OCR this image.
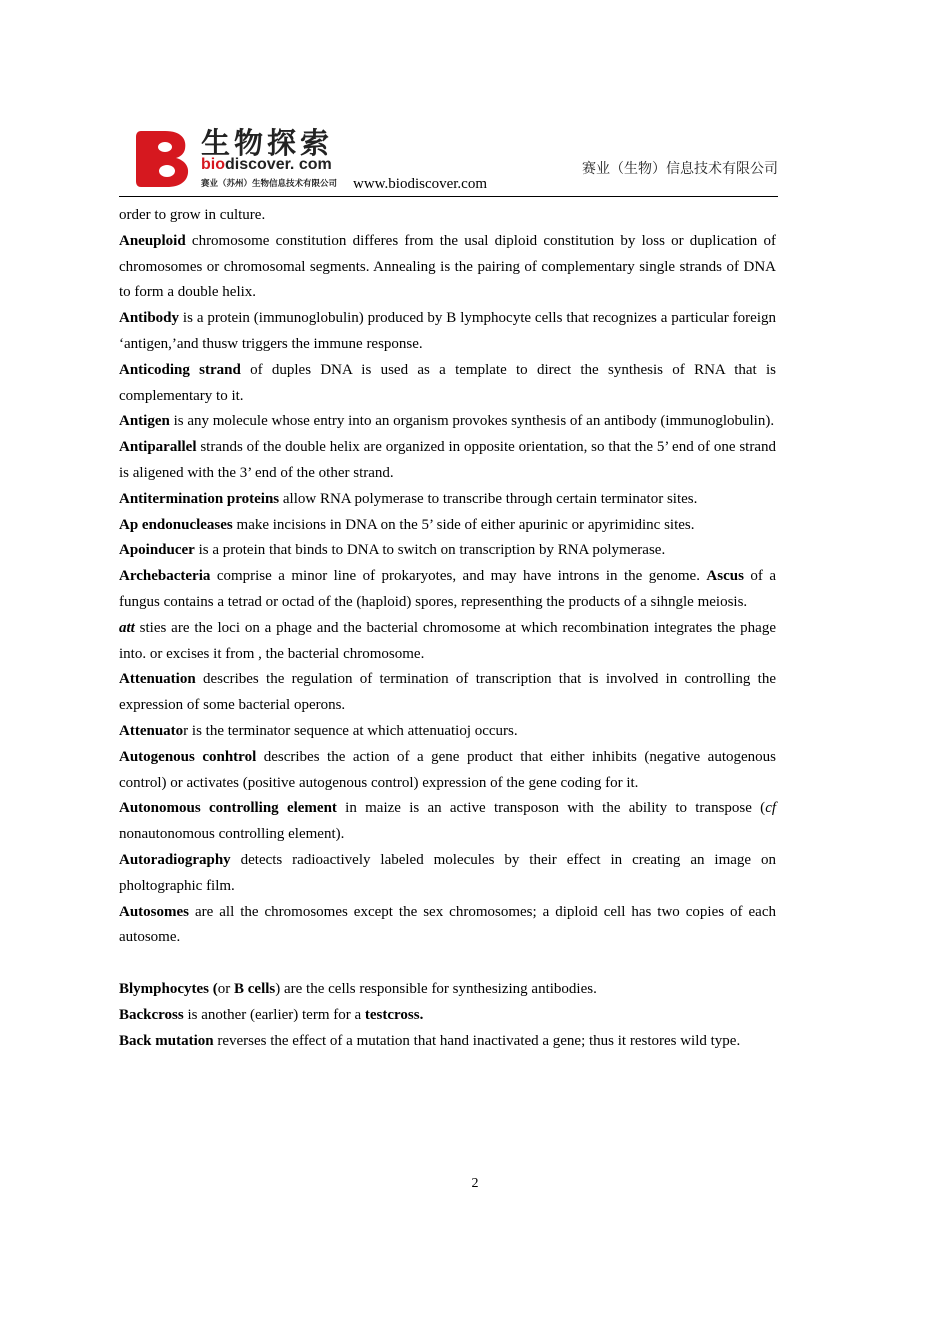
生物探索
biodiscover. com
赛业（苏州）生物信息技术有限公司 www.biodiscover.com
赛业（生物）信息技术有限公司

order to grow in culture.

Aneuploid chromosome constitution differes from the usal diploid constitution by loss or duplication of chromosomes or chromosomal segments. Annealing is the pairing of complementary single strands of DNA to form a double helix.

Antibody is a protein (immunoglobulin) produced by B lymphocyte cells that recognizes a particular foreign ‘antigen,’and thusw triggers the immune response.

Anticoding strand of duples DNA is used as a template to direct the synthesis of RNA that is complementary to it.

Antigen is any molecule whose entry into an organism provokes synthesis of an antibody (immunoglobulin).

Antiparallel strands of the double helix are organized in opposite orientation, so that the 5’ end of one strand is aligened with the 3’ end of the other strand.

Antitermination proteins allow RNA polymerase to transcribe through certain terminator sites.

Ap endonucleases make incisions in DNA on the 5’ side of either apurinic or apyrimidinc sites.

Apoinducer is a protein that binds to DNA to switch on transcription by RNA polymerase.

Archebacteria comprise a minor line of prokaryotes, and may have introns in the genome. Ascus of a fungus contains a tetrad or octad of the (haploid) spores, representhing the products of a sihngle meiosis.

att sties are the loci on a phage and the bacterial chromosome at which recombination integrates the phage into. or excises it from , the bacterial chromosome.

Attenuation describes the regulation of termination of transcription that is involved in controlling the expression of some bacterial operons.

Attenuator is the terminator sequence at which attenuatioj occurs.

Autogenous conhtrol describes the action of a gene product that either inhibits (negative autogenous control) or activates (positive autogenous control) expression of the gene coding for it.

Autonomous controlling element in maize is an active transposon with the ability to transpose (cf nonautonomous controlling element).

Autoradiography detects radioactively labeled molecules by their effect in creating an image on pholtographic film.

Autosomes are all the chromosomes except the sex chromosomes; a diploid cell has two copies of each autosome.

Blymphocytes (or B cells) are the cells responsible for synthesizing antibodies.

Backcross is another (earlier) term for a testcross.

Back mutation reverses the effect of a mutation that hand inactivated a gene; thus it restores wild type.

2
